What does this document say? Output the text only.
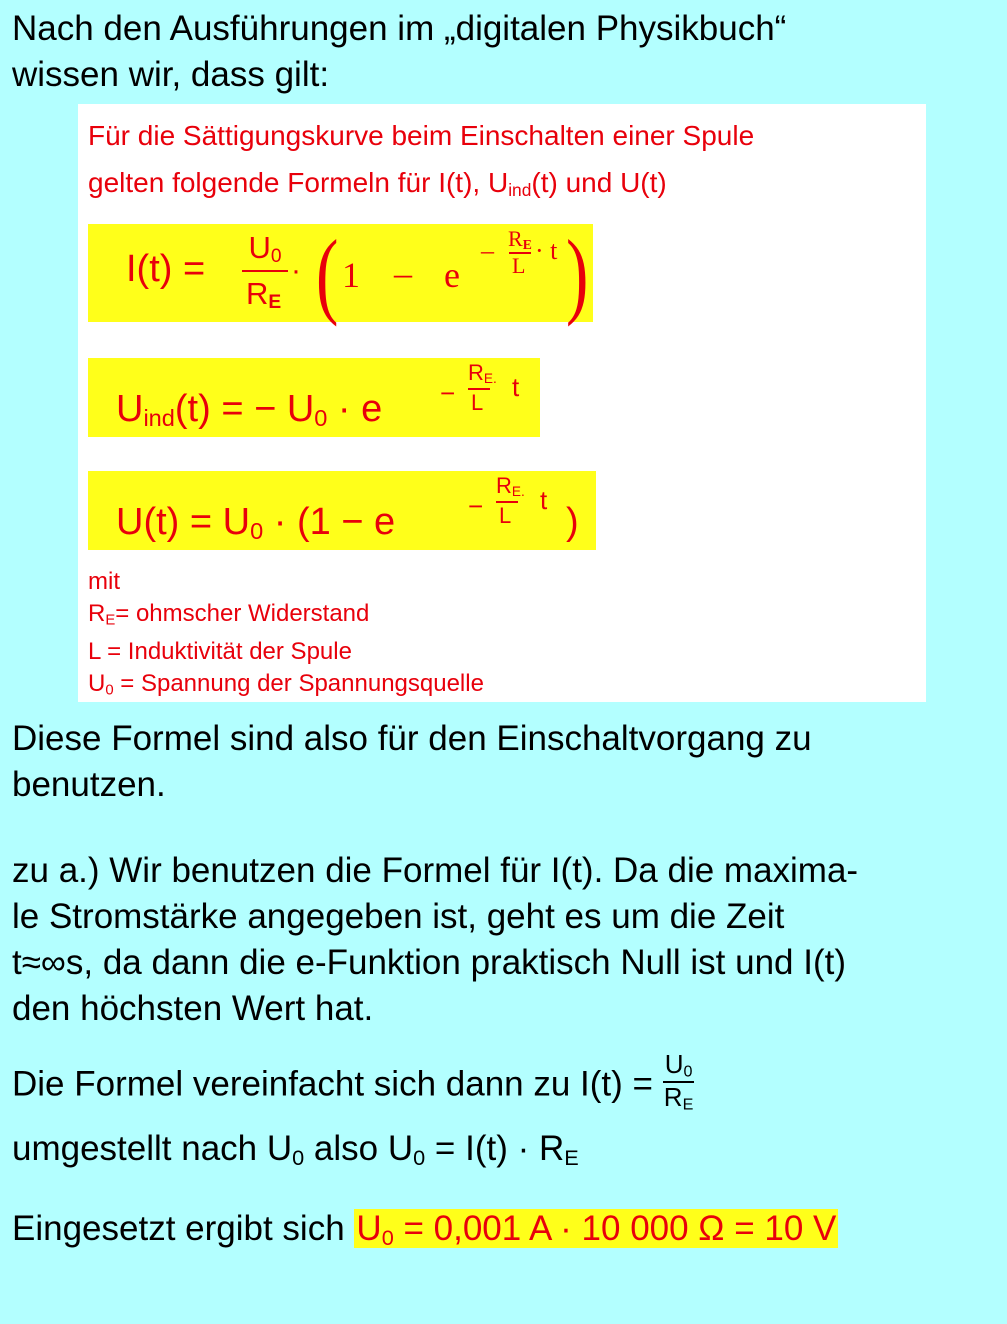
Nach den Ausführungen im „digitalen Physikbuch“
wissen wir, dass gilt:
Für die Sättigungskurve beim Einschalten einer Spule
gelten folgende Formeln für I(t), $U_{ind}(t)$ und U(t)
I(t) =
$U_0$
$R_E$
· ( 1 – e
– $R_E$
L
· t )
$U_{ind}(t)$ = − $U_0 \cdot e$ −
$R_{E.}$
L
t
$U(t) = U_0 \cdot (1 - e$	−
$R_{E.}$
L
t
)
mit
$R_E=$ ohmscher Widerstand
L = Induktivität der Spule
$U_0$ = Spannung der Spannungsquelle
Diese Formel sind also für den Einschaltvorgang zu
benutzen.
zu a.) Wir benutzen die Formel für I(t). Da die maxima-
le Stromstärke angegeben ist, geht es um die Zeit
t≈∞s, da dann die e-Funktion praktisch Null ist und I(t)
den höchsten Wert hat.
Die Formel vereinfacht sich dann zu $I(t) = \frac{U_0}{R_E}$
umgestellt nach $U_0$ also $U_0 = I(t) \cdot R_E$
Eingesetzt ergibt sich $U_0 = 0,001$ A · 10 000 Ω = 10 V
